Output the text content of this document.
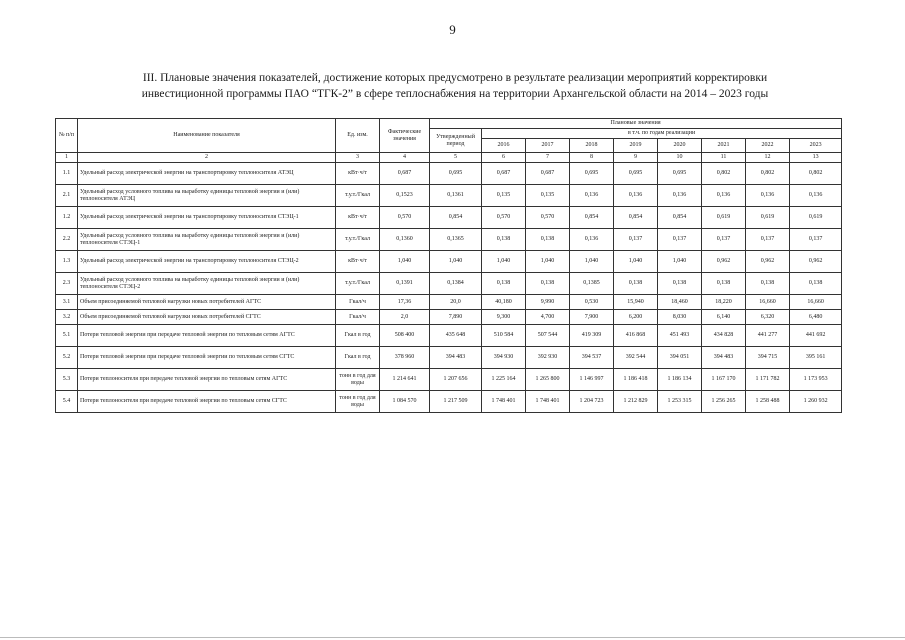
9
III. Плановые значения показателей, достижение которых предусмотрено в результате реализации мероприятий корректировки
инвестиционной программы ПАО “ТГК-2” в сфере теплоснабжения на территории Архангельской области на 2014 – 2023 годы
№ п/п	Наименование показателя	Ед. изм.	Фактические значения	Плановые значения								
				Утвержденный период	в т.ч. по годам реализации							
					2016	2017	2018	2019	2020	2021	2022	2023
1	2	3	4	5	6	7	8	9	10	11	12	13
1.1	Удельный расход электрической энергии на транспортировку теплоносителя АТЭЦ	кВт·ч/т	0,687	0,695	0,687	0,687	0,695	0,695	0,695	0,802	0,802	0,802
2.1	Удельный расход условного топлива на выработку единицы тепловой энергии и (или) теплоносителя АТЭЦ	т.у.т./Гкал	0,1523	0,1361	0,135	0,135	0,136	0,136	0,136	0,136	0,136	0,136
1.2	Удельный расход электрической энергии на транспортировку теплоносителя СТЭЦ-1	кВт·ч/т	0,570	0,854	0,570	0,570	0,854	0,854	0,854	0,619	0,619	0,619
2.2	Удельный расход условного топлива на выработку единицы тепловой энергии и (или) теплоносителя СТЭЦ-1	т.у.т./Гкал	0,1360	0,1365	0,138	0,138	0,136	0,137	0,137	0,137	0,137	0,137
1.3	Удельный расход электрической энергии на транспортировку теплоносителя СТЭЦ-2	кВт·ч/т	1,040	1,040	1,040	1,040	1,040	1,040	1,040	0,962	0,962	0,962
2.3	Удельный расход условного топлива на выработку единицы тепловой энергии и (или) теплоносителя СТЭЦ-2	т.у.т./Гкал	0,1391	0,1384	0,138	0,138	0,1385	0,138	0,138	0,138	0,138	0,138
3.1	Объем присоединяемой тепловой нагрузки новых потребителей АГТС	Гкал/ч	17,36	20,0	40,180	9,990	0,530	15,940	18,460	18,220	16,660	16,660
3.2	Объем присоединяемой тепловой нагрузки новых потребителей СГТС	Гкал/ч	2,0	7,890	9,300	4,700	7,900	6,200	8,030	6,140	6,320	6,480
5.1	Потери тепловой энергии при передаче тепловой энергии по тепловым сетям АГТС	Гкал в год	508 400	435 648	510 584	507 544	419 309	416 868	451 493	434 828	441 277	441 692
5.2	Потери тепловой энергии при передаче тепловой энергии по тепловым сетям СГТС	Гкал в год	378 960	394 483	394 930	392 930	394 537	392 544	394 051	394 483	394 715	395 161
5.3	Потери теплоносителя при передаче тепловой энергии по тепловым сетям АГТС	тонн в год для воды	1 214 641	1 207 656	1 225 164	1 265 800	1 146 997	1 186 418	1 186 134	1 167 170	1 171 782	1 173 953
5.4	Потери теплоносителя при передаче тепловой энергии по тепловым сетям СГТС	тонн в год для воды	1 084 570	1 217 509	1 748 401	1 748 401	1 204 723	1 212 829	1 253 315	1 256 265	1 258 488	1 260 932
